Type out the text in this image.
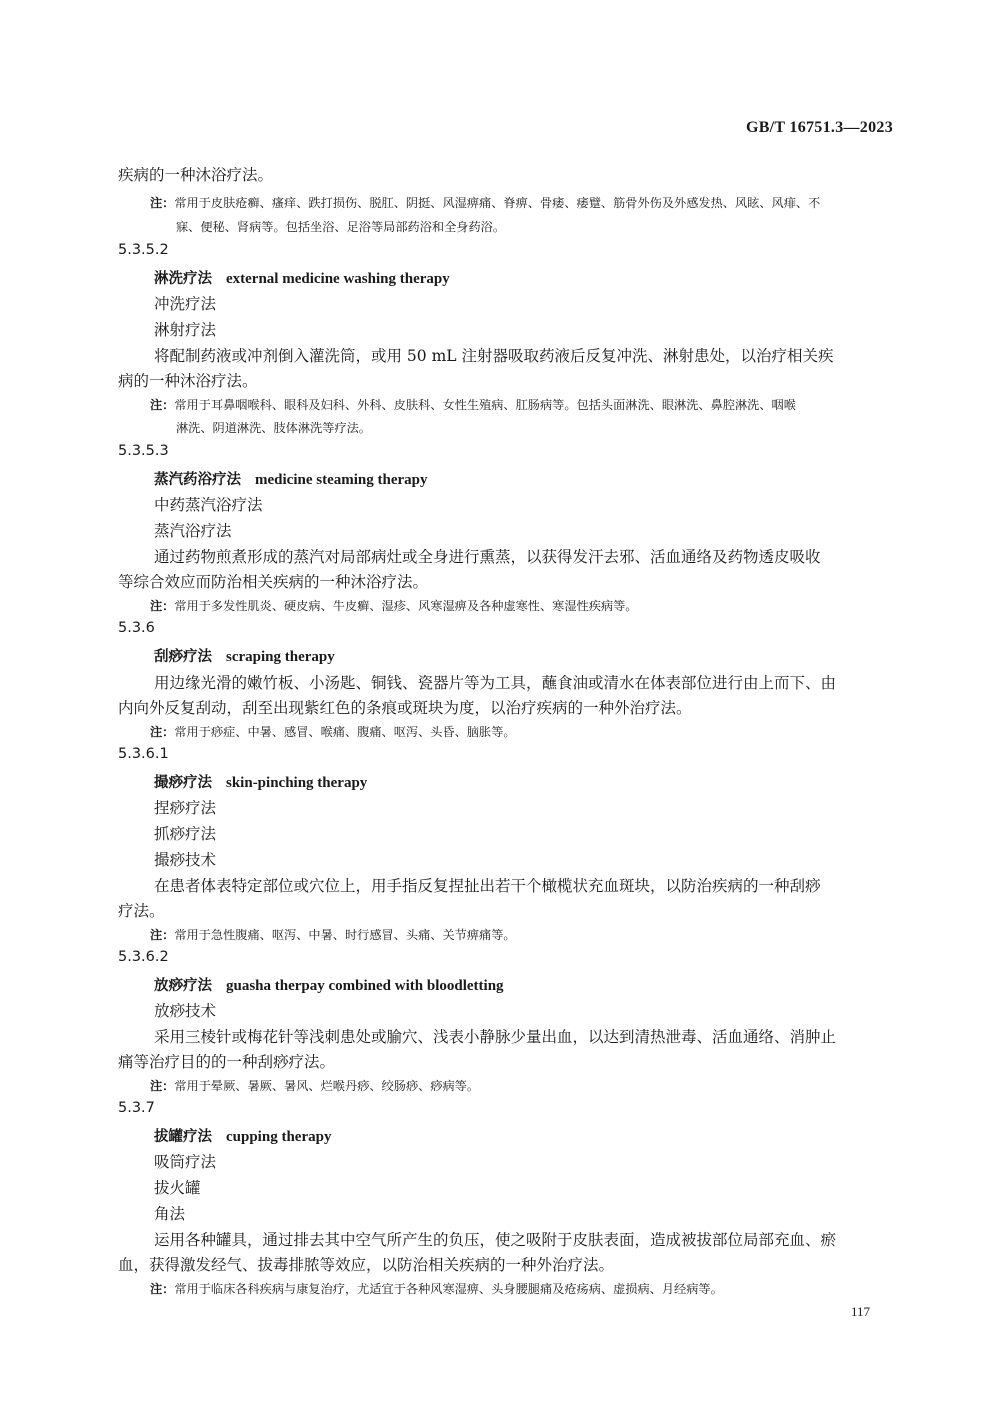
GB/T 16751.3—2023
疾病的一种沐浴疗法。
注：常用于皮肤疮癣、瘙痒、跌打损伤、脱肛、阴挺、风湿痹痛、脊痹、骨痿、痿躄、筋骨外伤及外感发热、风眩、风痱、不
寐、便秘、肾病等。包括坐浴、足浴等局部药浴和全身药浴。
5.3.5.2
淋洗疗法 external medicine washing therapy
冲洗疗法
淋射疗法
将配制药液或冲剂倒入灌洗筒，或用 50 mL 注射器吸取药液后反复冲洗、淋射患处，以治疗相关疾
病的一种沐浴疗法。
注：常用于耳鼻咽喉科、眼科及妇科、外科、皮肤科、女性生殖病、肛肠病等。包括头面淋洗、眼淋洗、鼻腔淋洗、咽喉
淋洗、阴道淋洗、肢体淋洗等疗法。
5.3.5.3
蒸汽药浴疗法 medicine steaming therapy
中药蒸汽浴疗法
蒸汽浴疗法
通过药物煎煮形成的蒸汽对局部病灶或全身进行熏蒸，以获得发汗去邪、活血通络及药物透皮吸收
等综合效应而防治相关疾病的一种沐浴疗法。
注：常用于多发性肌炎、硬皮病、牛皮癣、湿疹、风寒湿痹及各种虚寒性、寒湿性疾病等。
5.3.6
刮痧疗法 scraping therapy
用边缘光滑的嫩竹板、小汤匙、铜钱、瓷器片等为工具，蘸食油或清水在体表部位进行由上而下、由
内向外反复刮动，刮至出现紫红色的条痕或斑块为度，以治疗疾病的一种外治疗法。
注：常用于痧症、中暑、感冒、喉痛、腹痛、呕泻、头昏、脑胀等。
5.3.6.1
撮痧疗法 skin-pinching therapy
捏痧疗法
抓痧疗法
撮痧技术
在患者体表特定部位或穴位上，用手指反复捏扯出若干个橄榄状充血斑块，以防治疾病的一种刮痧
疗法。
注：常用于急性腹痛、呕泻、中暑、时行感冒、头痛、关节痹痛等。
5.3.6.2
放痧疗法 guasha therpay combined with bloodletting
放痧技术
采用三棱针或梅花针等浅刺患处或腧穴、浅表小静脉少量出血，以达到清热泄毒、活血通络、消肿止
痛等治疗目的的一种刮痧疗法。
注：常用于晕厥、暑厥、暑风、烂喉丹痧、绞肠痧、痧病等。
5.3.7
拔罐疗法 cupping therapy
吸筒疗法
拔火罐
角法
运用各种罐具，通过排去其中空气所产生的负压，使之吸附于皮肤表面，造成被拔部位局部充血、瘀
血，获得激发经气、拔毒排脓等效应，以防治相关疾病的一种外治疗法。
注：常用于临床各科疾病与康复治疗，尤适宜于各种风寒湿痹、头身腰腿痛及疮疡病、虚损病、月经病等。
117
